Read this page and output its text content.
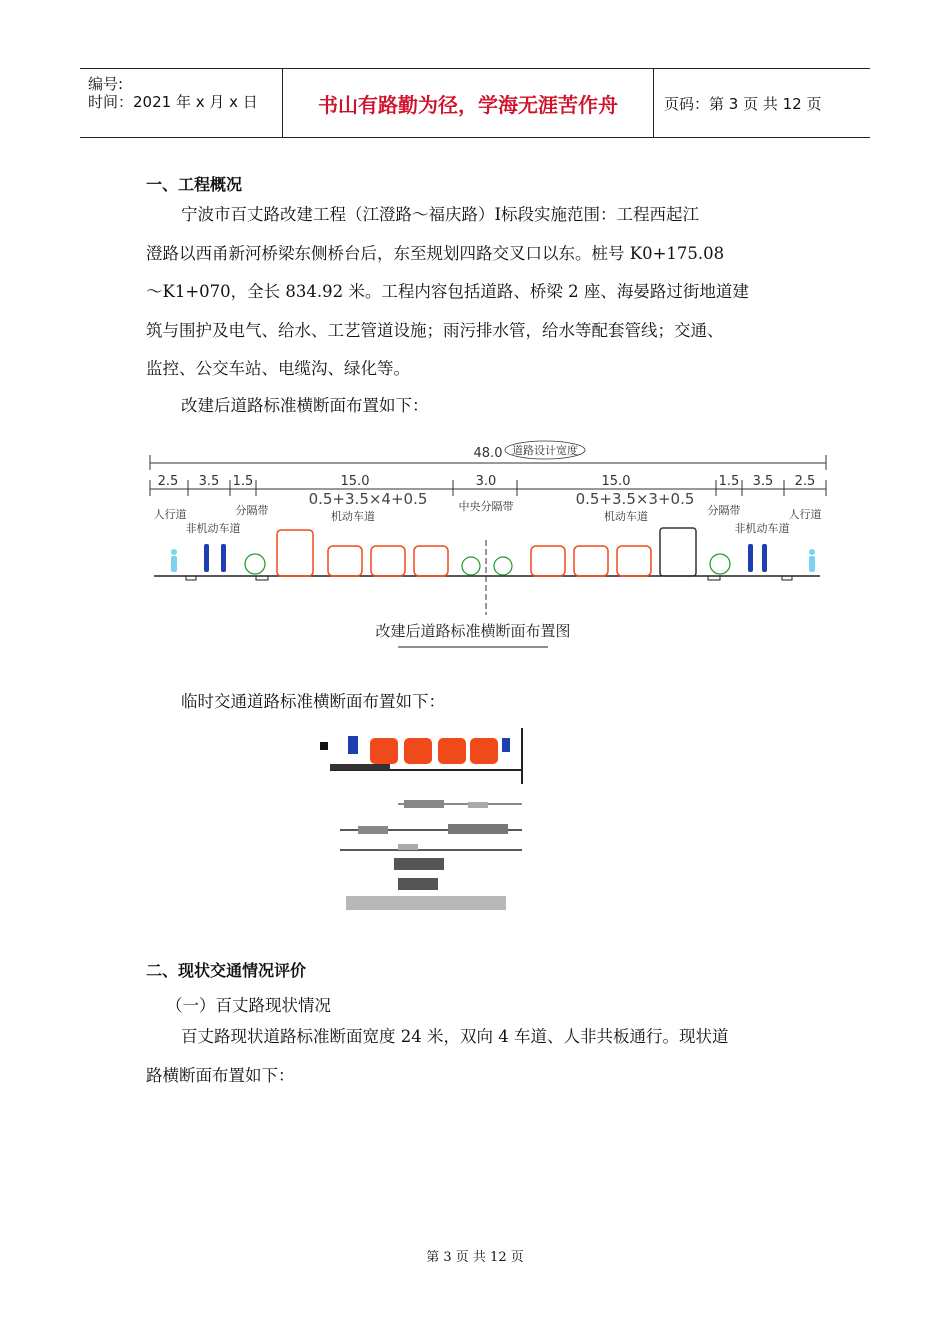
编号:
时间：2021 年 x 月 x 日	书山有路勤为径，学海无涯苦作舟	页码：第 3 页 共 12 页
一、工程概况
宁波市百丈路改建工程（江澄路～福庆路）Ⅰ标段实施范围：工程西起江
澄路以西甬新河桥梁东侧桥台后，东至规划四路交叉口以东。桩号 K0+175.08
～K1+070，全长 834.92 米。工程内容包括道路、桥梁 2 座、海晏路过街地道建
筑与围护及电气、给水、工艺管道设施；雨污排水管，给水等配套管线；交通、
监控、公交车站、电缆沟、绿化等。
改建后道路标准横断面布置如下：
48.0 道路设计宽度
2.5 3.5 1.5	15.0	3.0	15.0	1.5 3.5 2.5
0.5+3.5×4+0.5	0.5+3.5×3+0.5
人行道
非机动车道
分隔带	机动车道
中央分隔带
机动车道	分隔带
非机动车道
人行道
改建后道路标准横断面布置图
临时交通道路标准横断面布置如下：
二、现状交通情况评价
（一）百丈路现状情况
百丈路现状道路标准断面宽度 24 米，双向 4 车道、人非共板通行。现状道
路横断面布置如下：
第 3 页 共 12 页
